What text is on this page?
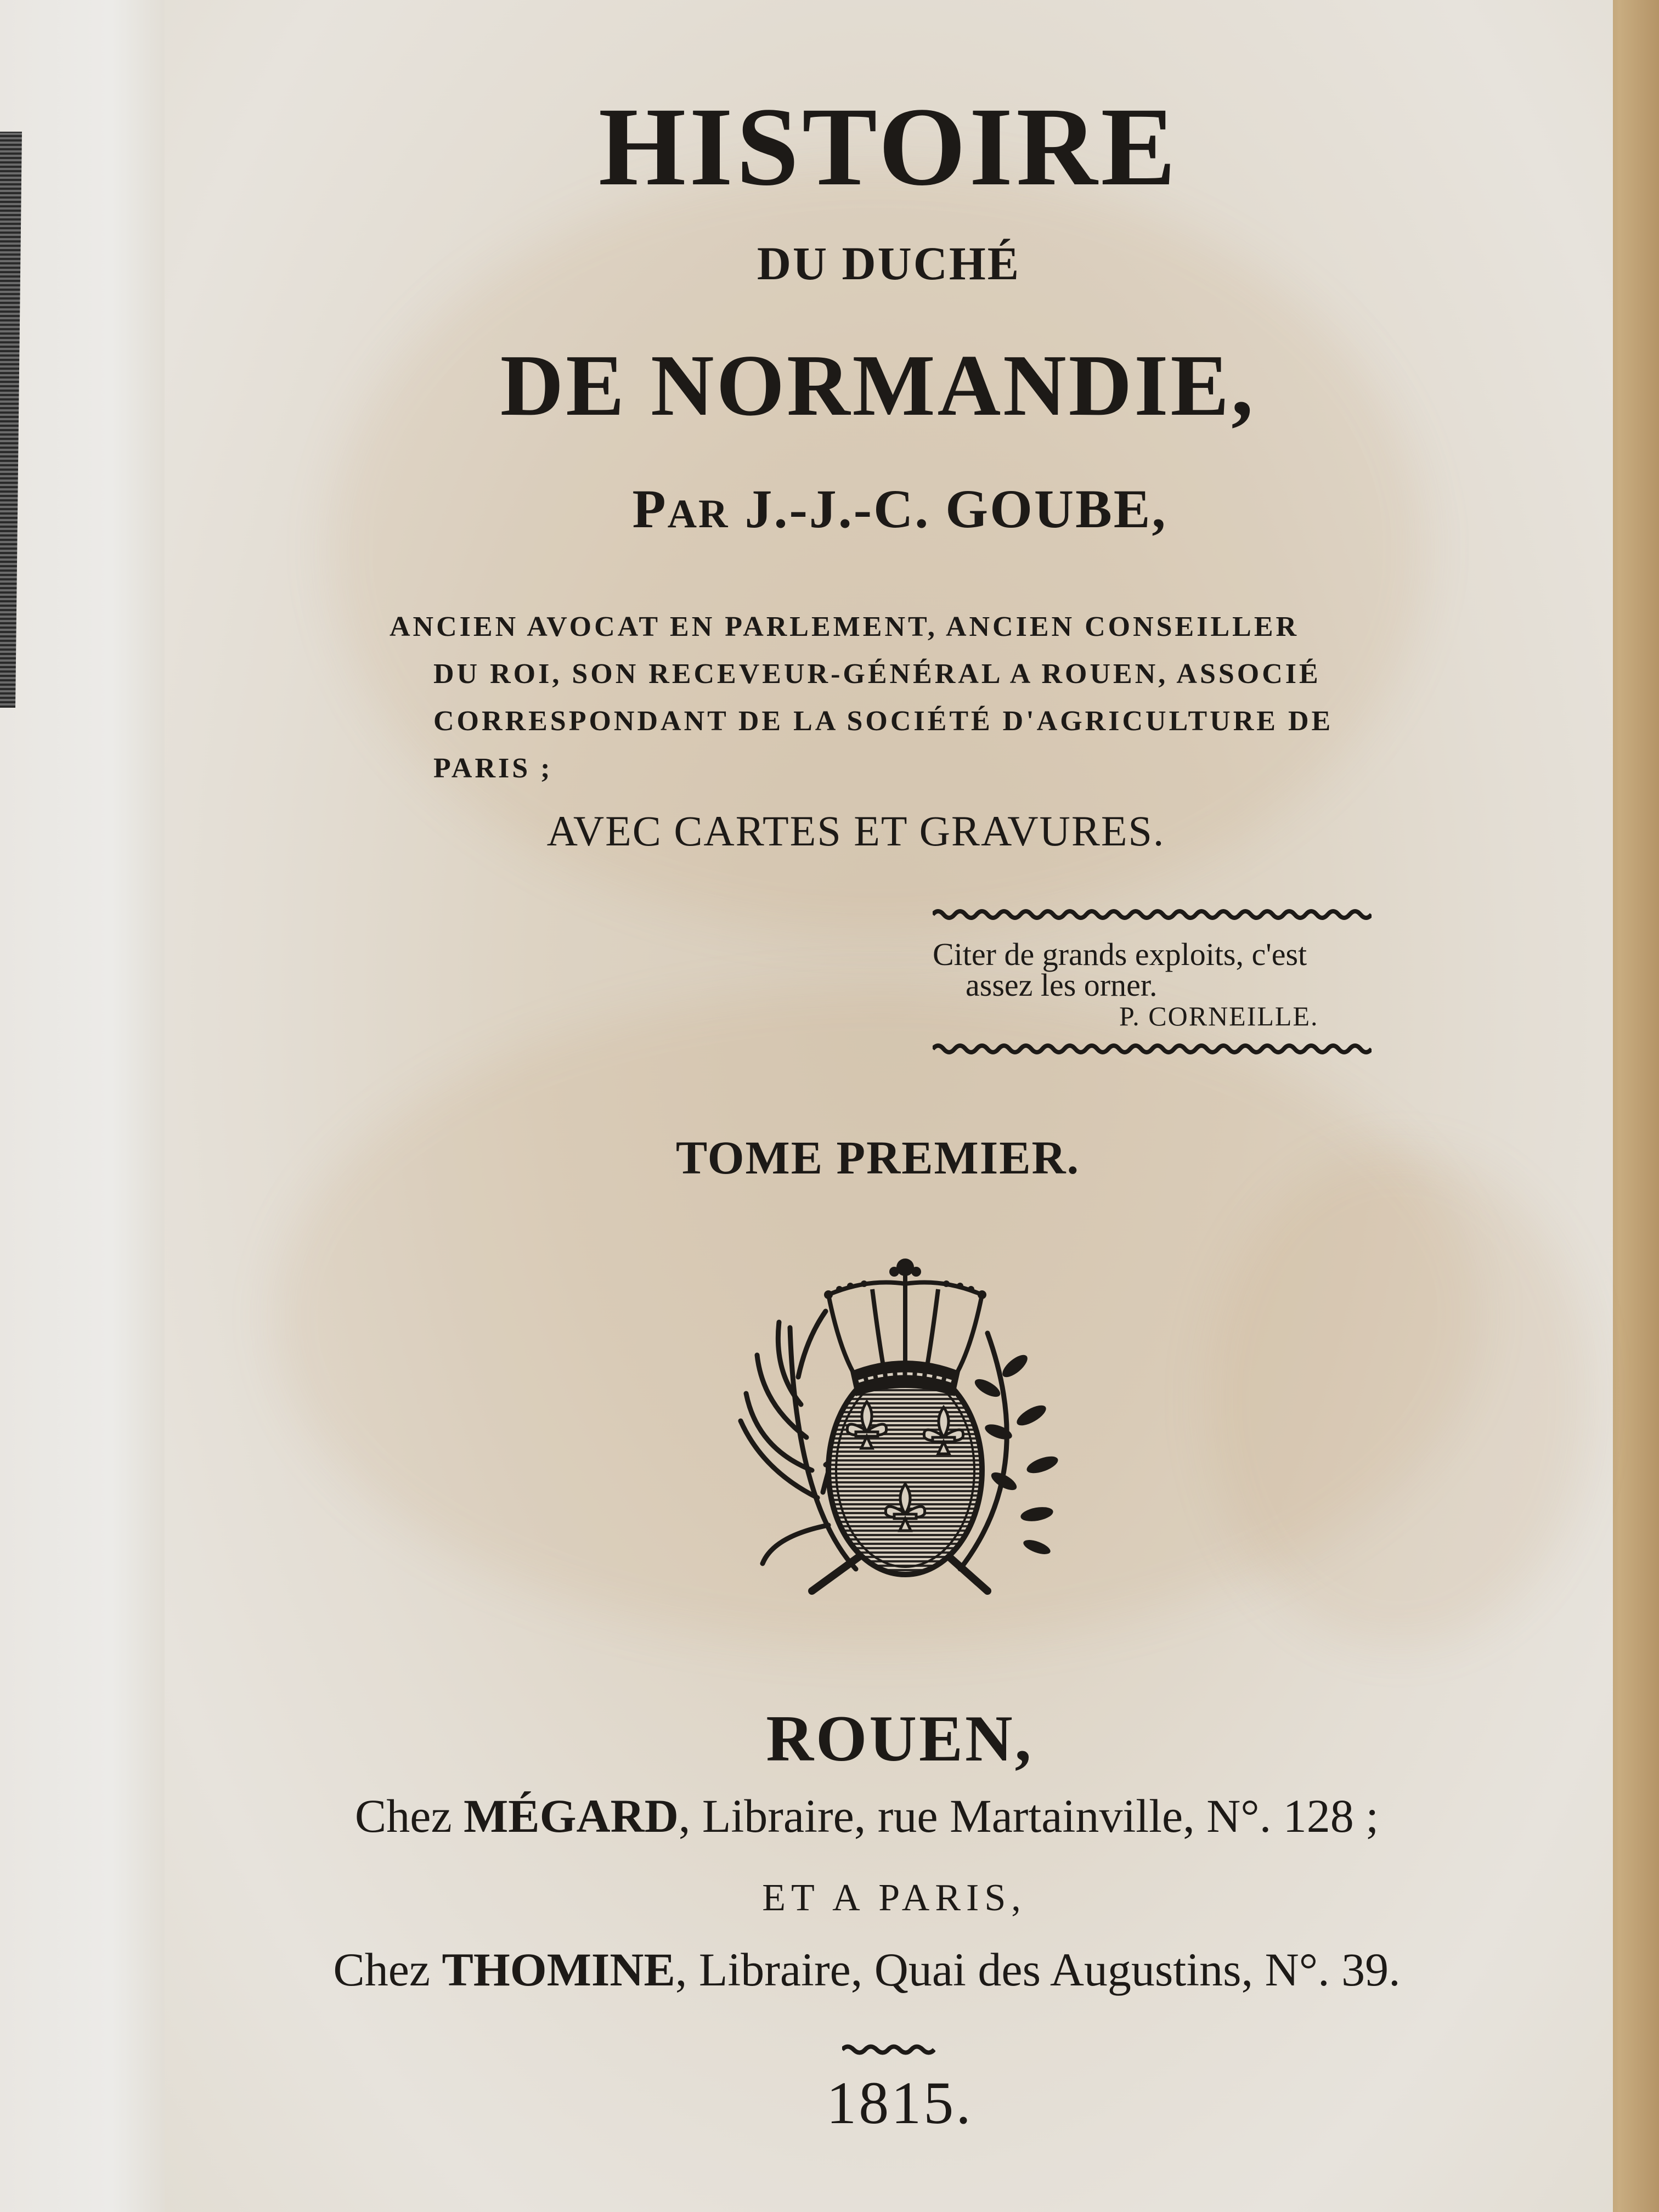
HISTOIRE
DU DUCHÉ
DE NORMANDIE,
PAR J.-J.-C. GOUBE,
ANCIEN AVOCAT EN PARLEMENT, ANCIEN CONSEILLER
DU ROI, SON RECEVEUR-GÉNÉRAL A ROUEN, ASSOCIÉ
CORRESPONDANT DE LA SOCIÉTÉ D'AGRICULTURE DE
PARIS ;
AVEC CARTES ET GRAVURES.
Citer de grands exploits, c'est
assez les orner.
P. CORNEILLE.
TOME PREMIER.
ROUEN,
Chez MÉGARD, Libraire, rue Martainville, N°. 128 ;
ET A PARIS,
Chez THOMINE, Libraire, Quai des Augustins, N°. 39.
1815.
